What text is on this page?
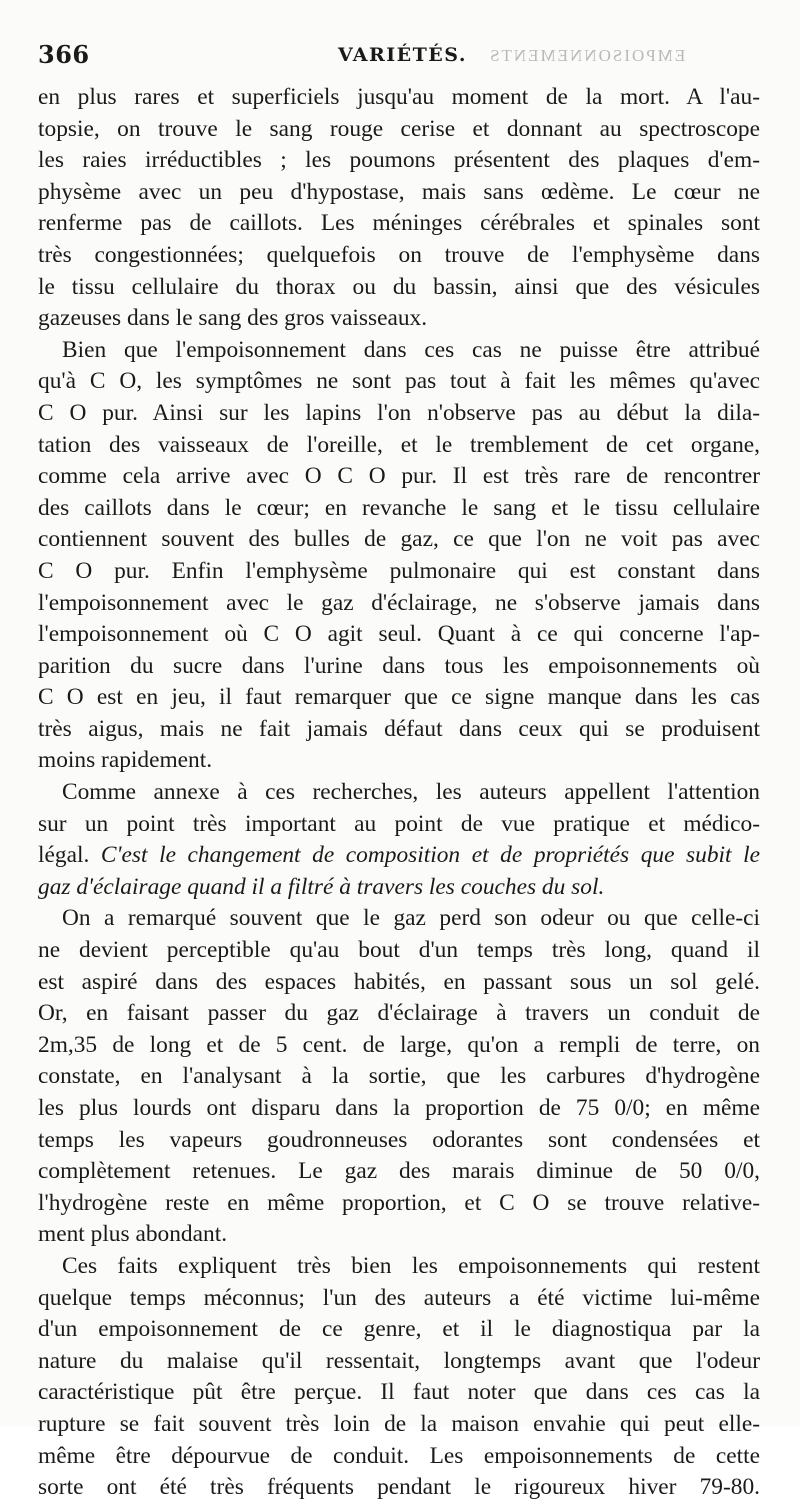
366	VARIÉTÉS. EMPOISONNEMENTS

en plus rares et superficiels jusqu'au moment de la mort. A l'au-
topsie, on trouve le sang rouge cerise et donnant au spectroscope
les raies irréductibles ; les poumons présentent des plaques d'em-
physème avec un peu d'hypostase, mais sans œdème. Le cœur ne
renferme pas de caillots. Les méninges cérébrales et spinales sont
très congestionnées; quelquefois on trouve de l'emphysème dans
le tissu cellulaire du thorax ou du bassin, ainsi que des vésicules
gazeuses dans le sang des gros vaisseaux.

Bien que l'empoisonnement dans ces cas ne puisse être attribué
qu'à C O, les symptômes ne sont pas tout à fait les mêmes qu'avec
C O pur. Ainsi sur les lapins l'on n'observe pas au début la dila-
tation des vaisseaux de l'oreille, et le tremblement de cet organe,
comme cela arrive avec O C O pur. Il est très rare de rencontrer
des caillots dans le cœur; en revanche le sang et le tissu cellulaire
contiennent souvent des bulles de gaz, ce que l'on ne voit pas avec
C O pur. Enfin l'emphysème pulmonaire qui est constant dans
l'empoisonnement avec le gaz d'éclairage, ne s'observe jamais dans
l'empoisonnement où C O agit seul. Quant à ce qui concerne l'ap-
parition du sucre dans l'urine dans tous les empoisonnements où
C O est en jeu, il faut remarquer que ce signe manque dans les cas
très aigus, mais ne fait jamais défaut dans ceux qui se produisent
moins rapidement.

Comme annexe à ces recherches, les auteurs appellent l'attention
sur un point très important au point de vue pratique et médico-
légal. C'est le changement de composition et de propriétés que subit le
gaz d'éclairage quand il a filtré à travers les couches du sol.

On a remarqué souvent que le gaz perd son odeur ou que celle-ci
ne devient perceptible qu'au bout d'un temps très long, quand il
est aspiré dans des espaces habités, en passant sous un sol gelé.
Or, en faisant passer du gaz d'éclairage à travers un conduit de
2m,35 de long et de 5 cent. de large, qu'on a rempli de terre, on
constate, en l'analysant à la sortie, que les carbures d'hydrogène
les plus lourds ont disparu dans la proportion de 75 0/0; en même
temps les vapeurs goudronneuses odorantes sont condensées et
complètement retenues. Le gaz des marais diminue de 50 0/0,
l'hydrogène reste en même proportion, et C O se trouve relative-
ment plus abondant.

Ces faits expliquent très bien les empoisonnements qui restent
quelque temps méconnus; l'un des auteurs a été victime lui-même
d'un empoisonnement de ce genre, et il le diagnostiqua par la
nature du malaise qu'il ressentait, longtemps avant que l'odeur
caractéristique pût être perçue. Il faut noter que dans ces cas la
rupture se fait souvent très loin de la maison envahie qui peut elle-
même être dépourvue de conduit. Les empoisonnements de cette
sorte ont été très fréquents pendant le rigoureux hiver 79-80.
